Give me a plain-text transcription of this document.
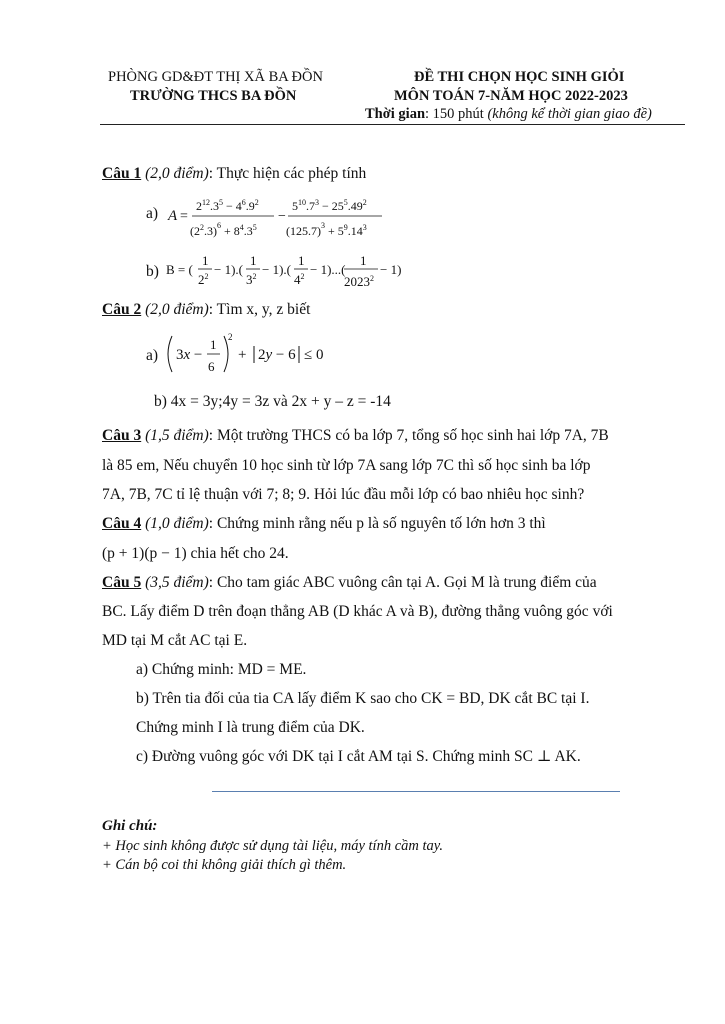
PHÒNG GD&ĐT THỊ XÃ BA ĐỒN
TRƯỜNG THCS BA ĐỒN
ĐỀ THI CHỌN HỌC SINH GIỎI
MÔN TOÁN 7-NĂM HỌC 2022-2023
Thời gian: 150 phút (không kể thời gian giao đề)
Câu 1 (2,0 điểm): Thực hiện các phép tính
a) A =
$2^{12}.3^5 - 4^6.9^2$
$(2^2.3)^6 + 8^4.3^5$
−
$5^{10}.7^3 - 25^5.49^2$
$(125.7)^3 + 5^9.14^3$
b) B = (
1
$2^2 - 1$).(
1
$3^2 - 1$).(
1
$4^2 - 1$)...(
1
$2023^2$
− 1)
Câu 2 (2,0 điểm): Tìm x, y, z biết
a) 3x −
1
6
2
+ 2y − 6 ≤ 0
b) 4x = 3y;4y = 3z và 2x + y – z = -14
Câu 3 (1,5 điểm): Một trường THCS có ba lớp 7, tổng số học sinh hai lớp 7A, 7B
là 85 em, Nếu chuyển 10 học sinh từ lớp 7A sang lớp 7C thì số học sinh ba lớp
7A, 7B, 7C tỉ lệ thuận với 7; 8; 9. Hỏi lúc đầu mỗi lớp có bao nhiêu học sinh?
Câu 4 (1,0 điểm): Chứng minh rằng nếu p là số nguyên tố lớn hơn 3 thì
(p + 1)(p − 1) chia hết cho 24.
Câu 5 (3,5 điểm): Cho tam giác ABC vuông cân tại A. Gọi M là trung điểm của
BC. Lấy điểm D trên đoạn thẳng AB (D khác A và B), đường thẳng vuông góc với
MD tại M cắt AC tại E.
a) Chứng minh: MD = ME.
b) Trên tia đối của tia CA lấy điểm K sao cho CK = BD, DK cắt BC tại I.
Chứng minh I là trung điểm của DK.
c) Đường vuông góc với DK tại I cắt AM tại S. Chứng minh SC ⊥ AK.
Ghi chú:
+ Học sinh không được sử dụng tài liệu, máy tính cầm tay.
+ Cán bộ coi thi không giải thích gì thêm.
